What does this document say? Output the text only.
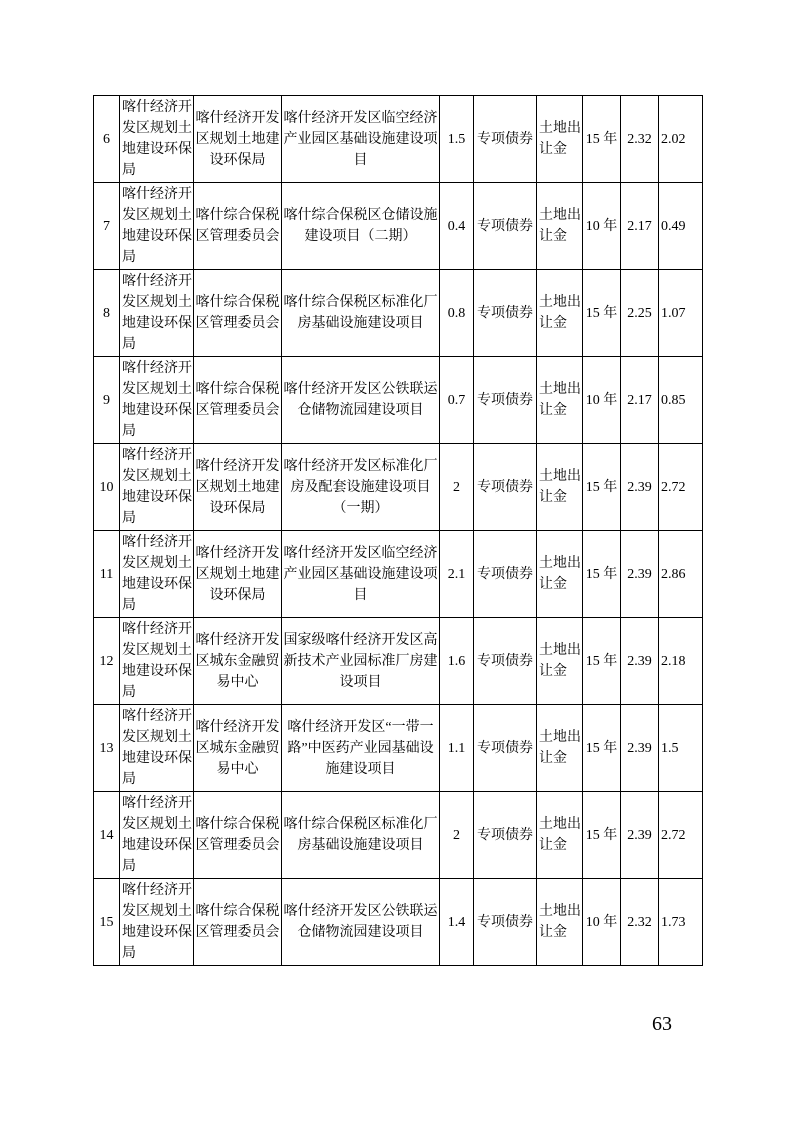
6	喀什经济开发区规划土地建设环保局	喀什经济开发区规划土地建设环保局	喀什经济开发区临空经济产业园区基础设施建设项目	1.5	专项债券	土地出让金	15 年	2.32	2.02
7	喀什经济开发区规划土地建设环保局	喀什综合保税区管理委员会	喀什综合保税区仓储设施建设项目（二期）	0.4	专项债券	土地出让金	10 年	2.17	0.49
8	喀什经济开发区规划土地建设环保局	喀什综合保税区管理委员会	喀什综合保税区标准化厂房基础设施建设项目	0.8	专项债券	土地出让金	15 年	2.25	1.07
9	喀什经济开发区规划土地建设环保局	喀什综合保税区管理委员会	喀什经济开发区公铁联运仓储物流园建设项目	0.7	专项债券	土地出让金	10 年	2.17	0.85
10	喀什经济开发区规划土地建设环保局	喀什经济开发区规划土地建设环保局	喀什经济开发区标准化厂房及配套设施建设项目（一期）	2	专项债券	土地出让金	15 年	2.39	2.72
11	喀什经济开发区规划土地建设环保局	喀什经济开发区规划土地建设环保局	喀什经济开发区临空经济产业园区基础设施建设项目	2.1	专项债券	土地出让金	15 年	2.39	2.86
12	喀什经济开发区规划土地建设环保局	喀什经济开发区城东金融贸易中心	国家级喀什经济开发区高新技术产业园标准厂房建设项目	1.6	专项债券	土地出让金	15 年	2.39	2.18
13	喀什经济开发区规划土地建设环保局	喀什经济开发区城东金融贸易中心	喀什经济开发区“一带一路”中医药产业园基础设施建设项目	1.1	专项债券	土地出让金	15 年	2.39	1.5
14	喀什经济开发区规划土地建设环保局	喀什综合保税区管理委员会	喀什综合保税区标准化厂房基础设施建设项目	2	专项债券	土地出让金	15 年	2.39	2.72
15	喀什经济开发区规划土地建设环保局	喀什综合保税区管理委员会	喀什经济开发区公铁联运仓储物流园建设项目	1.4	专项债券	土地出让金	10 年	2.32	1.73
63
